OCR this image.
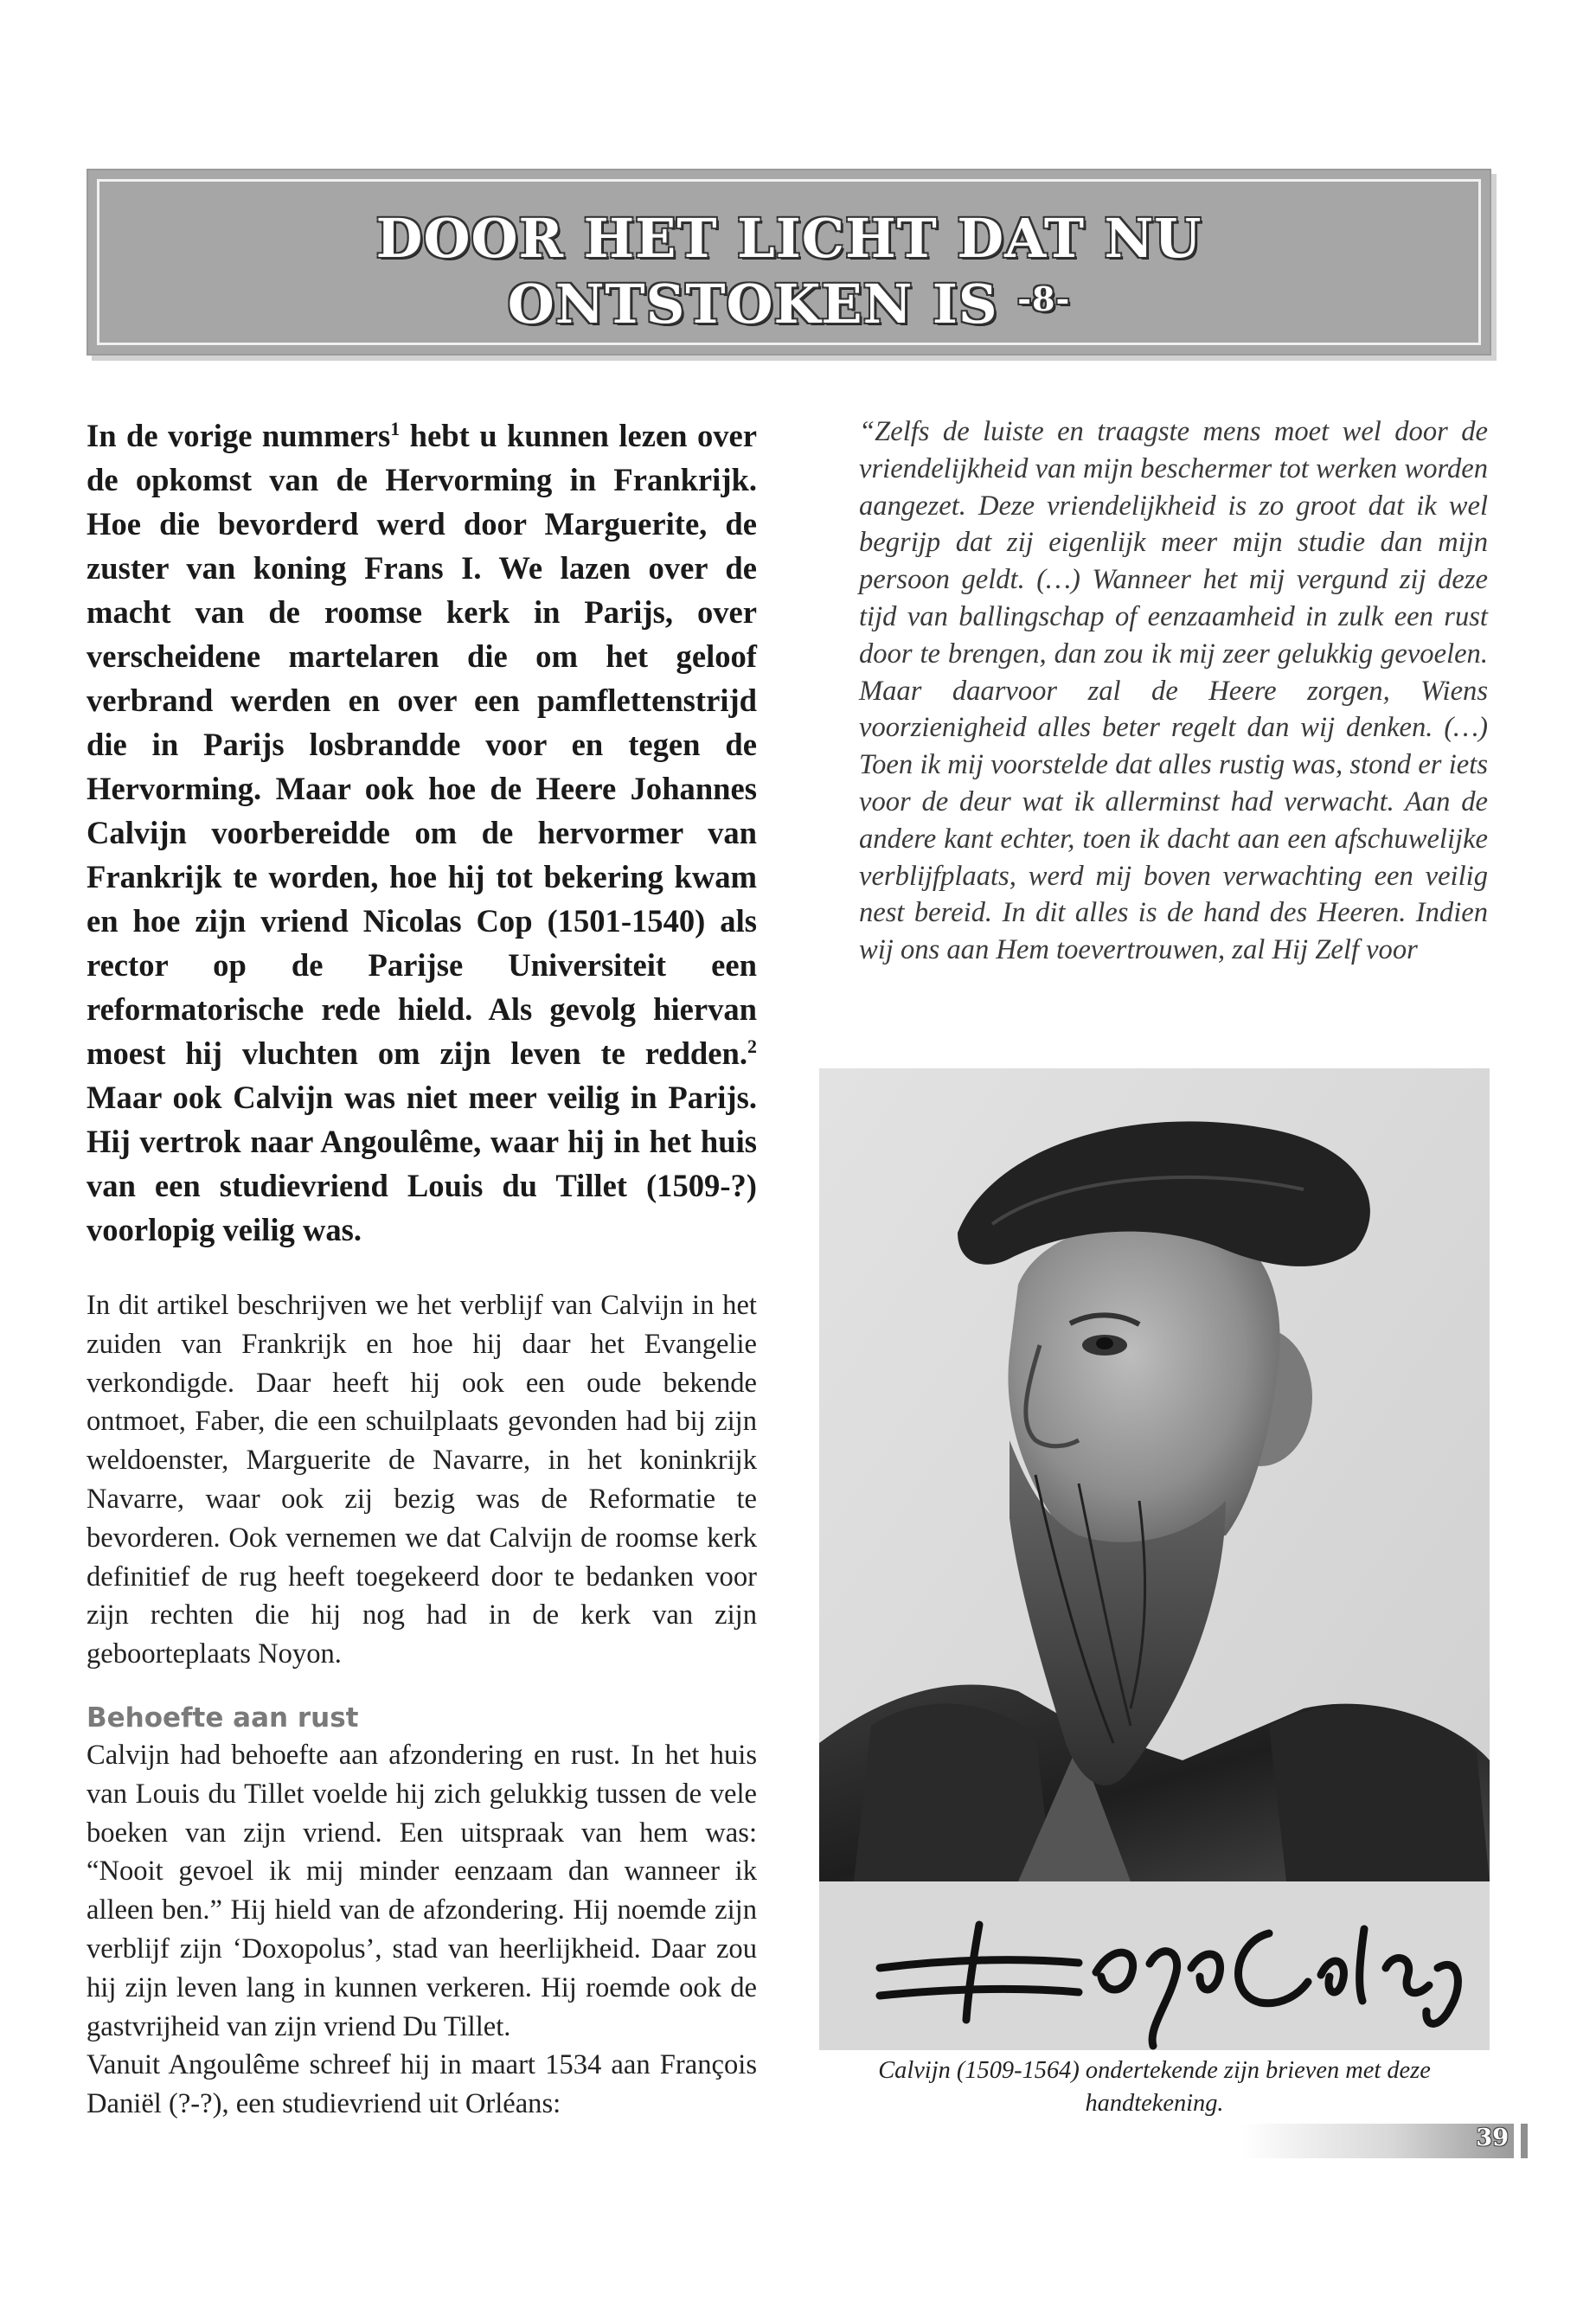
DOOR HET LICHT DAT NU
ONTSTOKEN IS $^{-8-}$

In de vorige nummers$^1$ hebt u kunnen lezen over de opkomst van de Hervorming in Frankrijk. Hoe die bevorderd werd door Marguerite, de zuster van koning Frans I. We lazen over de macht van de roomse kerk in Parijs, over verscheidene martelaren die om het geloof verbrand werden en over een pamflettenstrijd die in Parijs losbrandde voor en tegen de Hervorming. Maar ook hoe de Heere Johannes Calvijn voorbereidde om de hervormer van Frankrijk te worden, hoe hij tot bekering kwam en hoe zijn vriend Nicolas Cop (1501-1540) als rector op de Parijse Universiteit een reformatorische rede hield. Als gevolg hiervan moest hij vluchten om zijn leven te redden.$^2$ Maar ook Calvijn was niet meer veilig in Parijs. Hij vertrok naar Angoulême, waar hij in het huis van een studievriend Louis du Tillet (1509-?) voorlopig veilig was.

In dit artikel beschrijven we het verblijf van Calvijn in het zuiden van Frankrijk en hoe hij daar het Evangelie verkondigde. Daar heeft hij ook een oude bekende ontmoet, Faber, die een schuilplaats gevonden had bij zijn weldoenster, Marguerite de Navarre, in het koninkrijk Navarre, waar ook zij bezig was de Reformatie te bevorderen. Ook vernemen we dat Calvijn de roomse kerk definitief de rug heeft toegekeerd door te bedanken voor zijn rechten die hij nog had in de kerk van zijn geboorteplaats Noyon.

Behoefte aan rust

Calvijn had behoefte aan afzondering en rust. In het huis van Louis du Tillet voelde hij zich gelukkig tussen de vele boeken van zijn vriend. Een uitspraak van hem was: “Nooit gevoel ik mij minder eenzaam dan wanneer ik alleen ben.” Hij hield van de afzondering. Hij noemde zijn verblijf zijn ‘Doxopolus’, stad van heerlijkheid. Daar zou hij zijn leven lang in kunnen verkeren. Hij roemde ook de gastvrijheid van zijn vriend Du Tillet.

Vanuit Angoulême schreef hij in maart 1534 aan François Daniël (?-?), een studievriend uit Orléans:

“Zelfs de luiste en traagste mens moet wel door de vriendelijkheid van mijn beschermer tot werken worden aangezet. Deze vriendelijkheid is zo groot dat ik wel begrijp dat zij eigenlijk meer mijn studie dan mijn persoon geldt. (…) Wanneer het mij vergund zij deze tijd van ballingschap of eenzaamheid in zulk een rust door te brengen, dan zou ik mij zeer gelukkig gevoelen. Maar daarvoor zal de Heere zorgen, Wiens voorzienigheid alles beter regelt dan wij denken. (…) Toen ik mij voorstelde dat alles rustig was, stond er iets voor de deur wat ik allerminst had verwacht. Aan de andere kant echter, toen ik dacht aan een afschuwelijke verblijfplaats, werd mij boven verwachting een veilig nest bereid. In dit alles is de hand des Heeren. Indien wij ons aan Hem toevertrouwen, zal Hij Zelf voor

Calvijn (1509-1564) ondertekende zijn brieven met deze handtekening.
39
